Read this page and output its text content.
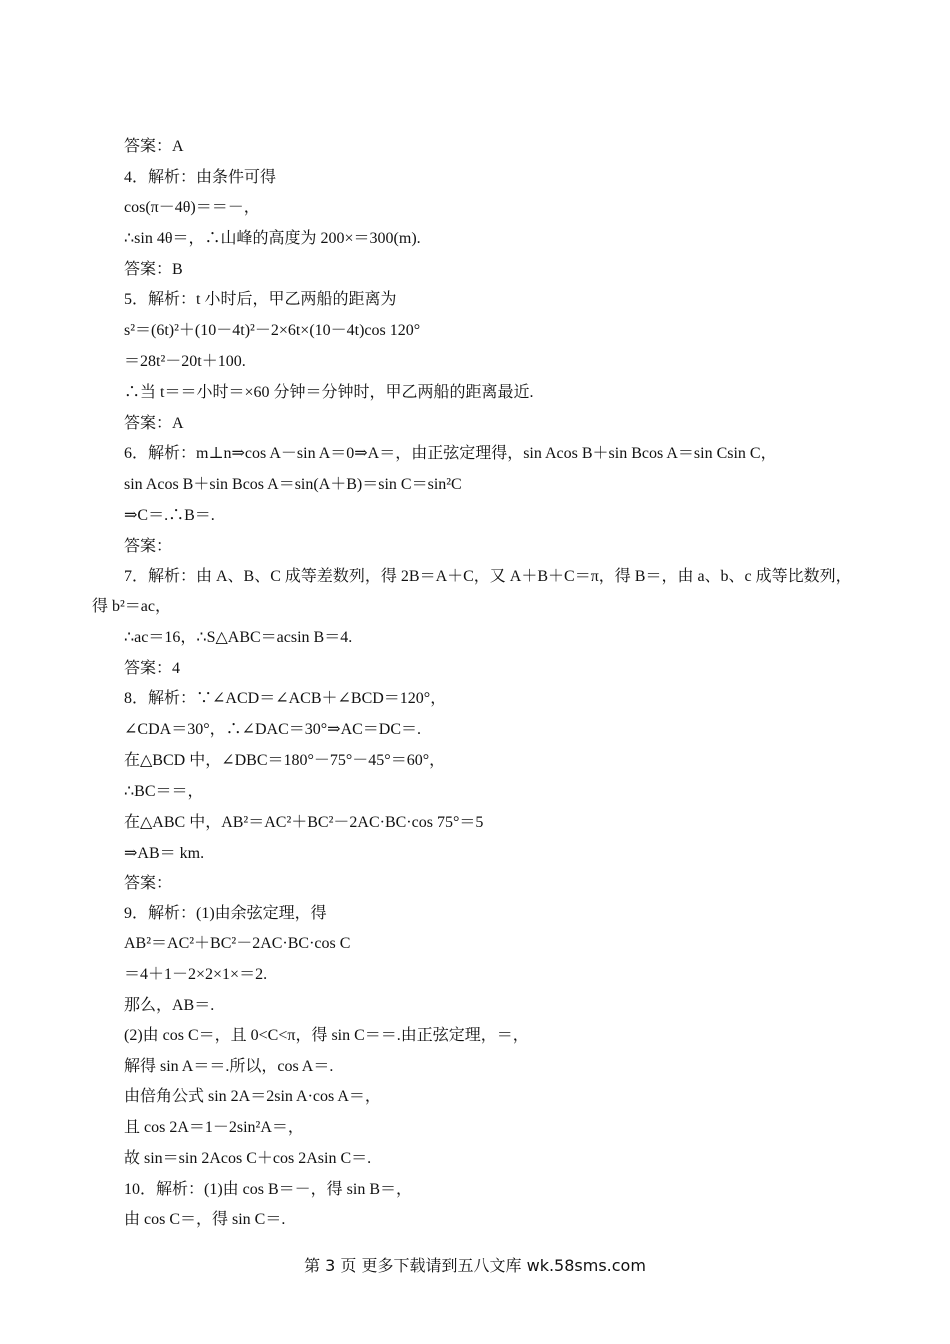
答案：A
4．解析：由条件可得
cos(π－4θ)＝＝－，
∴sin 4θ＝，∴山峰的高度为 200×＝300(m).
答案：B
5．解析：t 小时后，甲乙两船的距离为
s²＝(6t)²＋(10－4t)²－2×6t×(10－4t)cos 120°
＝28t²－20t＋100.
∴当 t＝＝小时＝×60 分钟＝分钟时，甲乙两船的距离最近.
答案：A
6．解析：m⊥n⇒cos A－sin A＝0⇒A＝，由正弦定理得，sin Acos B＋sin Bcos A＝sin Csin C，
sin Acos B＋sin Bcos A＝sin(A＋B)＝sin C＝sin²C
⇒C＝.∴B＝.
答案：
7．解析：由 A、B、C 成等差数列，得 2B＝A＋C，又 A＋B＋C＝π，得 B＝，由 a、b、c 成等比数列，
得 b²＝ac，
∴ac＝16，∴S△ABC＝acsin B＝4.
答案：4
8．解析：∵∠ACD＝∠ACB＋∠BCD＝120°，
∠CDA＝30°，∴∠DAC＝30°⇒AC＝DC＝.
在△BCD 中，∠DBC＝180°－75°－45°＝60°，
∴BC＝＝，
在△ABC 中，AB²＝AC²＋BC²－2AC·BC·cos 75°＝5
⇒AB＝ km.
答案：
9．解析：(1)由余弦定理，得
AB²＝AC²＋BC²－2AC·BC·cos C
＝4＋1－2×2×1×＝2.
那么，AB＝.
(2)由 cos C＝，且 0<C<π，得 sin C＝＝.由正弦定理，＝，
解得 sin A＝＝.所以，cos A＝.
由倍角公式 sin 2A＝2sin A·cos A＝，
且 cos 2A＝1－2sin²A＝，
故 sin＝sin 2Acos C＋cos 2Asin C＝.
10．解析：(1)由 cos B＝－，得 sin B＝，
由 cos C＝，得 sin C＝.
第 3 页 更多下载请到五八文库 wk.58sms.com
